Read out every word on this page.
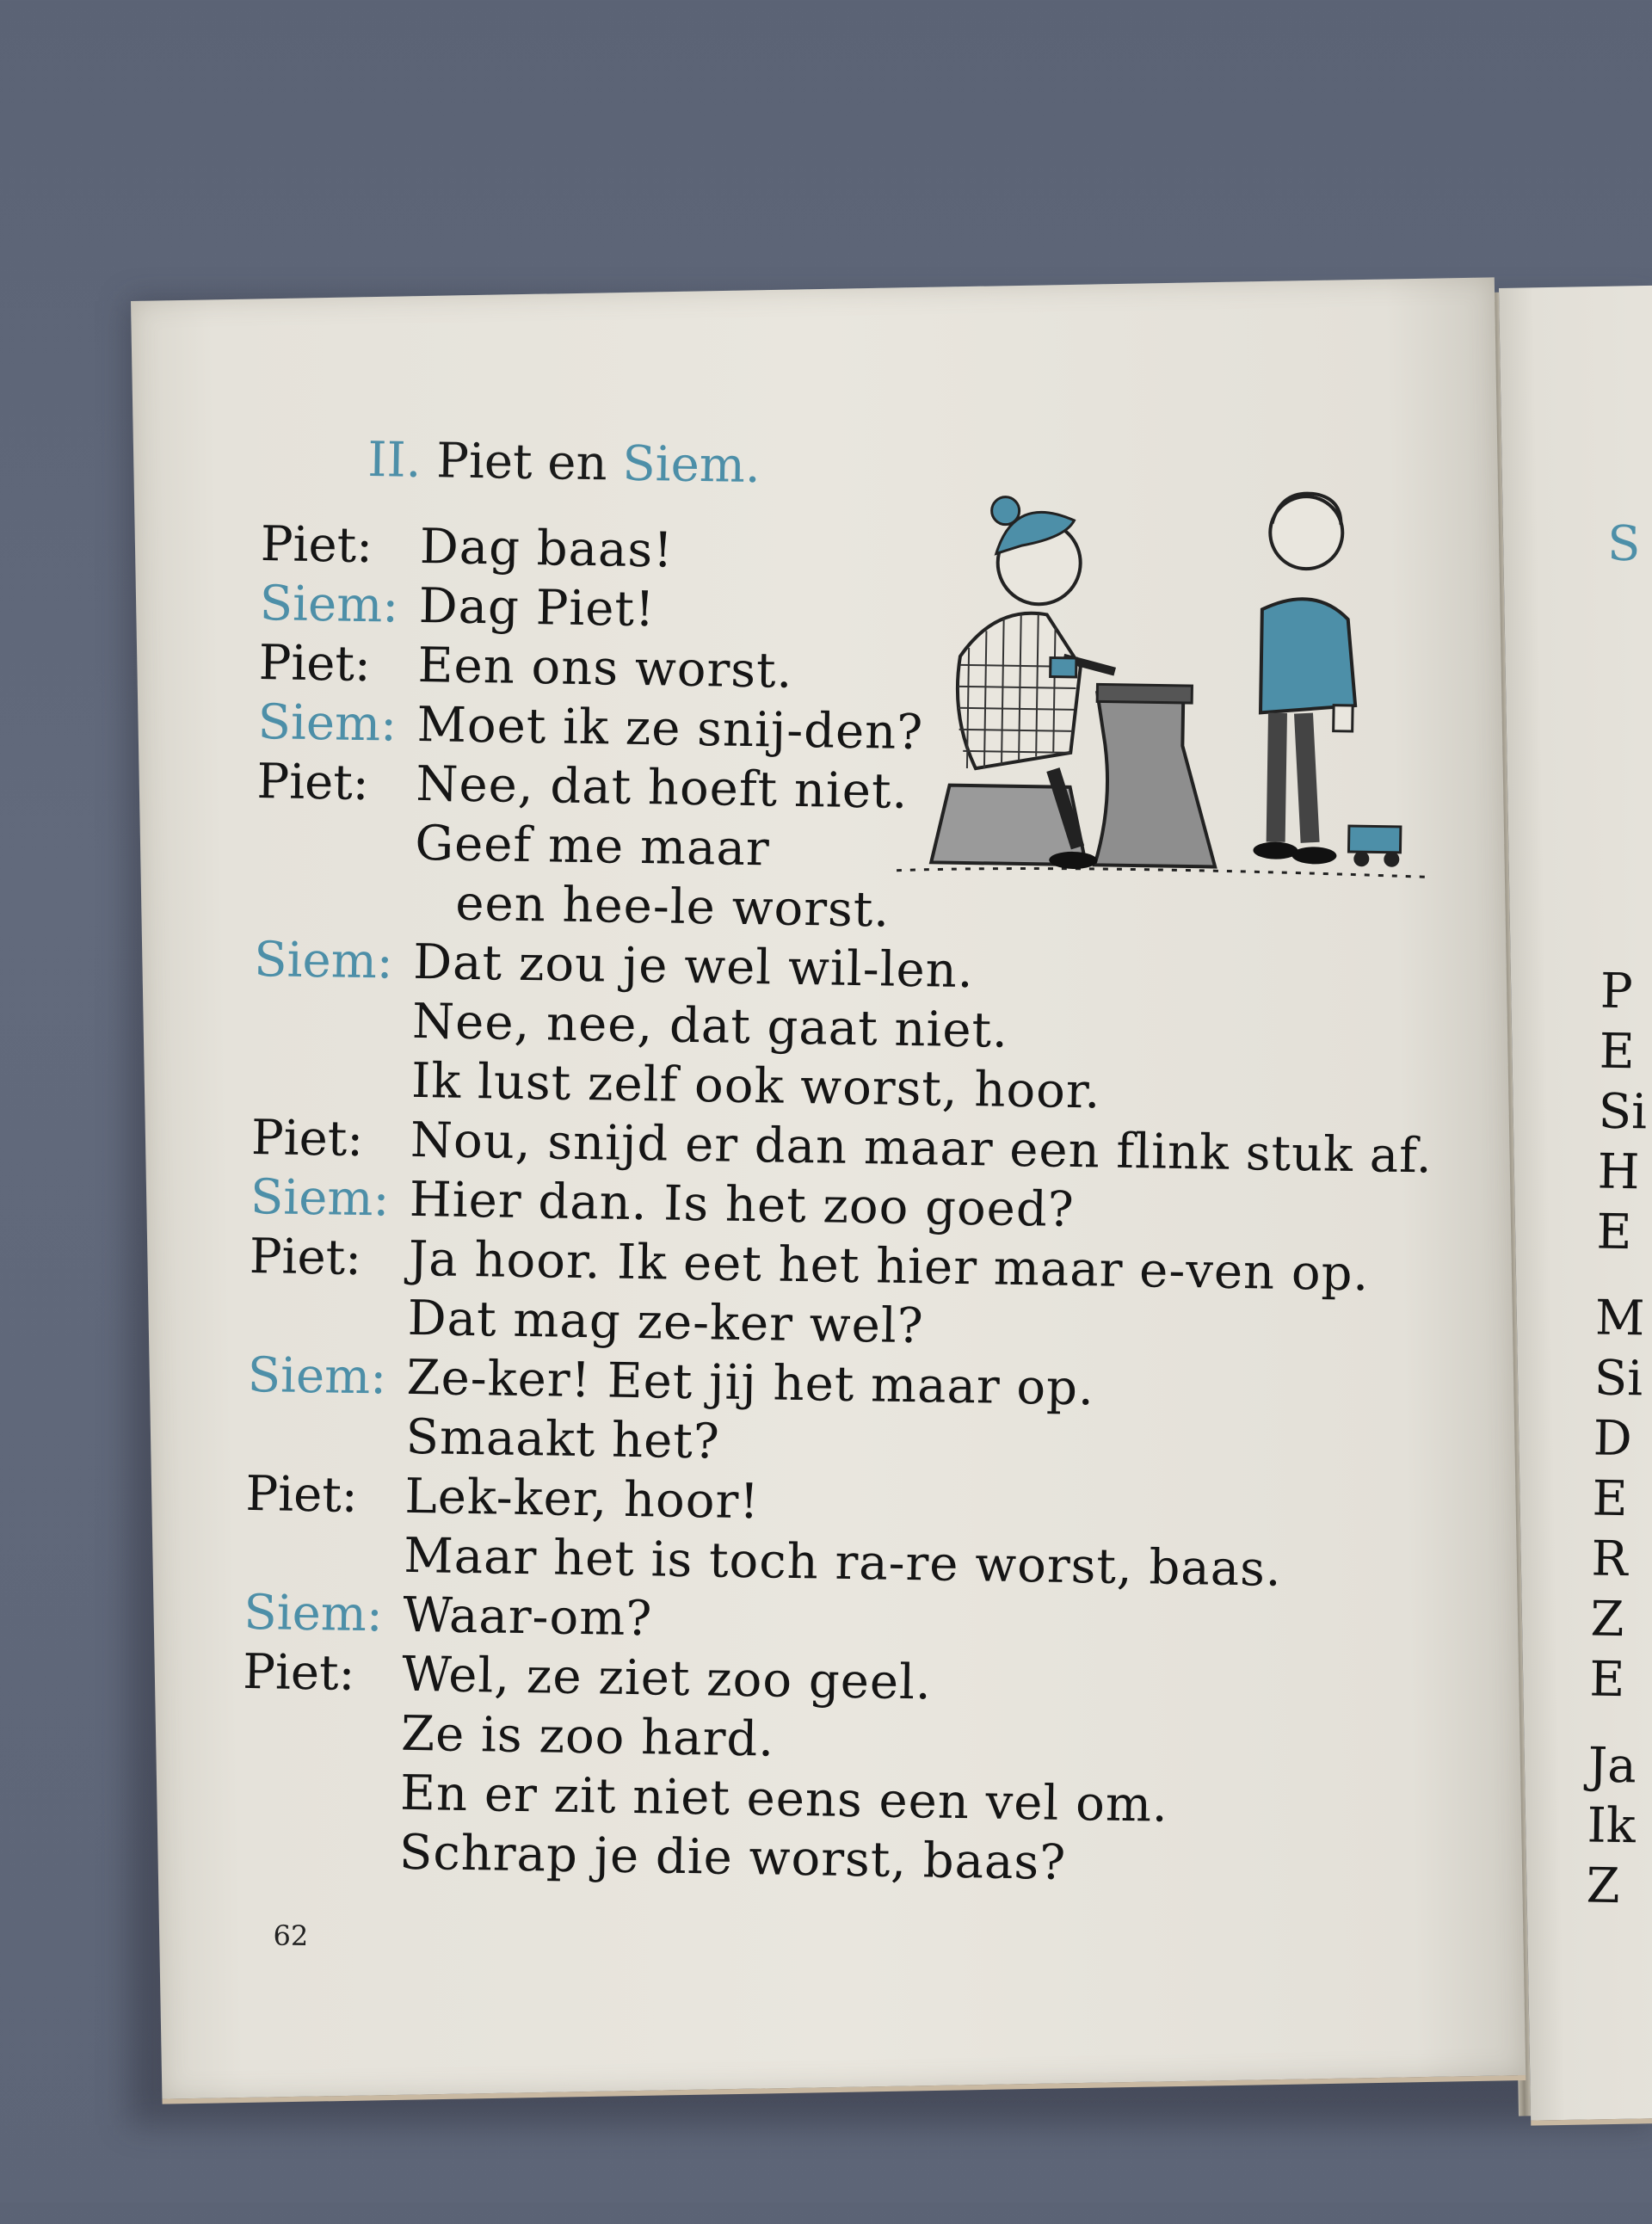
II. Piet en Siem.
Piet: Dag baas!
Siem: Dag Piet!
Piet: Een ons worst.
Siem: Moet ik ze snij-den?
Piet: Nee, dat hoeft niet.
Geef me maar
een hee-le worst.
Siem: Dat zou je wel wil-len.
Nee, nee, dat gaat niet.
Ik lust zelf ook worst, hoor.
Piet: Nou, snijd er dan maar een flink stuk af.
Siem: Hier dan. Is het zoo goed?
Piet: Ja hoor. Ik eet het hier maar e-ven op.
Dat mag ze-ker wel?
Siem: Ze-ker! Eet jij het maar op.
Smaakt het?
Piet: Lek-ker, hoor!
Maar het is toch ra-re worst, baas.
Siem: Waar-om?
Piet: Wel, ze ziet zoo geel.
Ze is zoo hard.
En er zit niet eens een vel om.
Schrap je die worst, baas?
62
S
P
E
Si
H
E
M
Si
D
E
R
Z
E
Ja
Ik
Z
